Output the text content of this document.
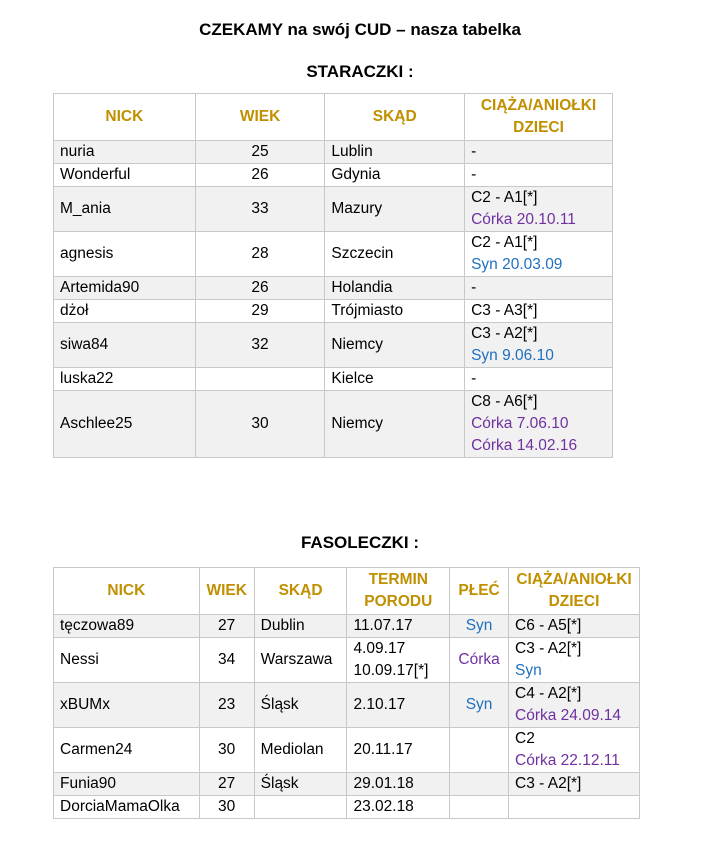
CZEKAMY na swój CUD – nasza tabelka
STARACZKI :
NICK	WIEK	SKĄD	CIĄŻA/ANIOŁKI
DZIECI

nuria	25	Lublin	-

Wonderful	26	Gdynia	-

M_ania	33	Mazury	C2 - A1[*]
Córka 20.10.11

agnesis	28	Szczecin	C2 - A1[*]
Syn 20.03.09

Artemida90	26	Holandia	-

dżoł	29	Trójmiasto	C3 - A3[*]

siwa84	32	Niemcy	C3 - A2[*]
Syn 9.06.10

luska22		Kielce	-

Aschlee25	30	Niemcy	C8 - A6[*]
Córka 7.06.10
Córka 14.02.16
FASOLECZKI :
NICK	WIEK	SKĄD	TERMIN
PORODU	PŁEĆ	CIĄŻA/ANIOŁKI
DZIECI

tęczowa89	27	Dublin	11.07.17	Syn	C6 - A5[*]

Nessi	34	Warszawa	4.09.17
10.09.17[*]	Córka	C3 - A2[*]
Syn

xBUMx	23	Śląsk	2.10.17	Syn	C4 - A2[*]
Córka 24.09.14

Carmen24	30	Mediolan	20.11.17		C2
Córka 22.12.11

Funia90	27	Śląsk	29.01.18		C3 - A2[*]

DorciaMamaOlka	30		23.02.18		
